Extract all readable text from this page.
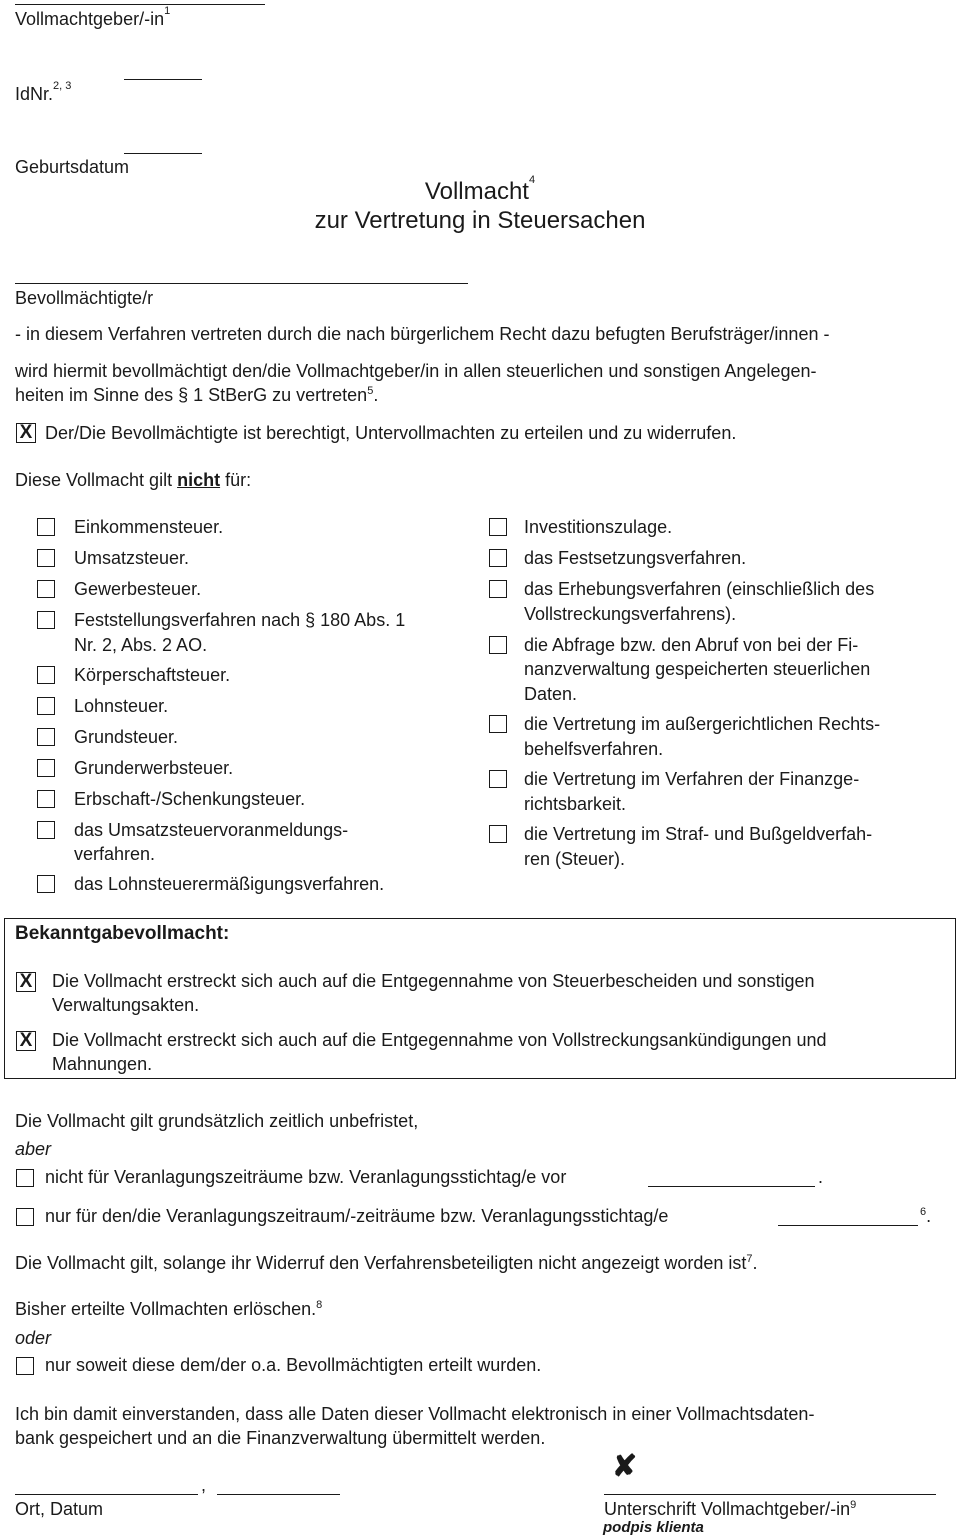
Vollmachtgeber/$-in^1$
IdNr.$^{2, 3}$
Geburtsdatum
Vollmacht$^4$
zur Vertretung in Steuersachen
Bevollmächtigte/r
- in diesem Verfahren vertreten durch die nach bürgerlichem Recht dazu befugten Berufsträger/innen -
wird hiermit bevollmächtigt den/die Vollmachtgeber/in in allen steuerlichen und sonstigen Angelegen-
heiten im Sinne des § 1 StBerG zu vertreten$^5$.
X Der/Die Bevollmächtigte ist berechtigt, Untervollmachten zu erteilen und zu widerrufen.
Diese Vollmacht gilt nicht für:
Einkommensteuer.
Umsatzsteuer.
Gewerbesteuer.
Feststellungsverfahren nach § 180 Abs. 1
Nr. 2, Abs. 2 AO.
Körperschaftsteuer.
Lohnsteuer.
Grundsteuer.
Grunderwerbsteuer.
Erbschaft-/Schenkungsteuer.
das Umsatzsteuervoranmeldungs-
verfahren.
das Lohnsteuerermäßigungsverfahren.
Investitionszulage.
das Festsetzungsverfahren.
das Erhebungsverfahren (einschließlich des
Vollstreckungsverfahrens).
die Abfrage bzw. den Abruf von bei der Fi-
nanzverwaltung gespeicherten steuerlichen
Daten.
die Vertretung im außergerichtlichen Rechts-
behelfsverfahren.
die Vertretung im Verfahren der Finanzge-
richtsbarkeit.
die Vertretung im Straf- und Bußgeldverfah-
ren (Steuer).
Bekanntgabevollmacht:
X Die Vollmacht erstreckt sich auch auf die Entgegennahme von Steuerbescheiden und sonstigen
Verwaltungsakten.
X Die Vollmacht erstreckt sich auch auf die Entgegennahme von Vollstreckungsankündigungen und
Mahnungen.
Die Vollmacht gilt grundsätzlich zeitlich unbefristet,
aber
nicht für Veranlagungszeiträume bzw. Veranlagungsstichtag/e vor	.
nur für den/die Veranlagungszeitraum/-zeiträume bzw. Veranlagungsstichtag/e	$^6$.
Die Vollmacht gilt, solange ihr Widerruf den Verfahrensbeteiligten nicht angezeigt worden ist$^7$.
Bisher erteilte Vollmachten erlöschen.$^8$
oder
nur soweit diese dem/der o.a. Bevollmächtigten erteilt wurden.
Ich bin damit einverstanden, dass alle Daten dieser Vollmacht elektronisch in einer Vollmachtsdaten-
bank gespeichert und an die Finanzverwaltung übermittelt werden.
,
Ort, Datum
✘
Unterschrift Vollmachtgeber/$-in^9$
podpis klienta
